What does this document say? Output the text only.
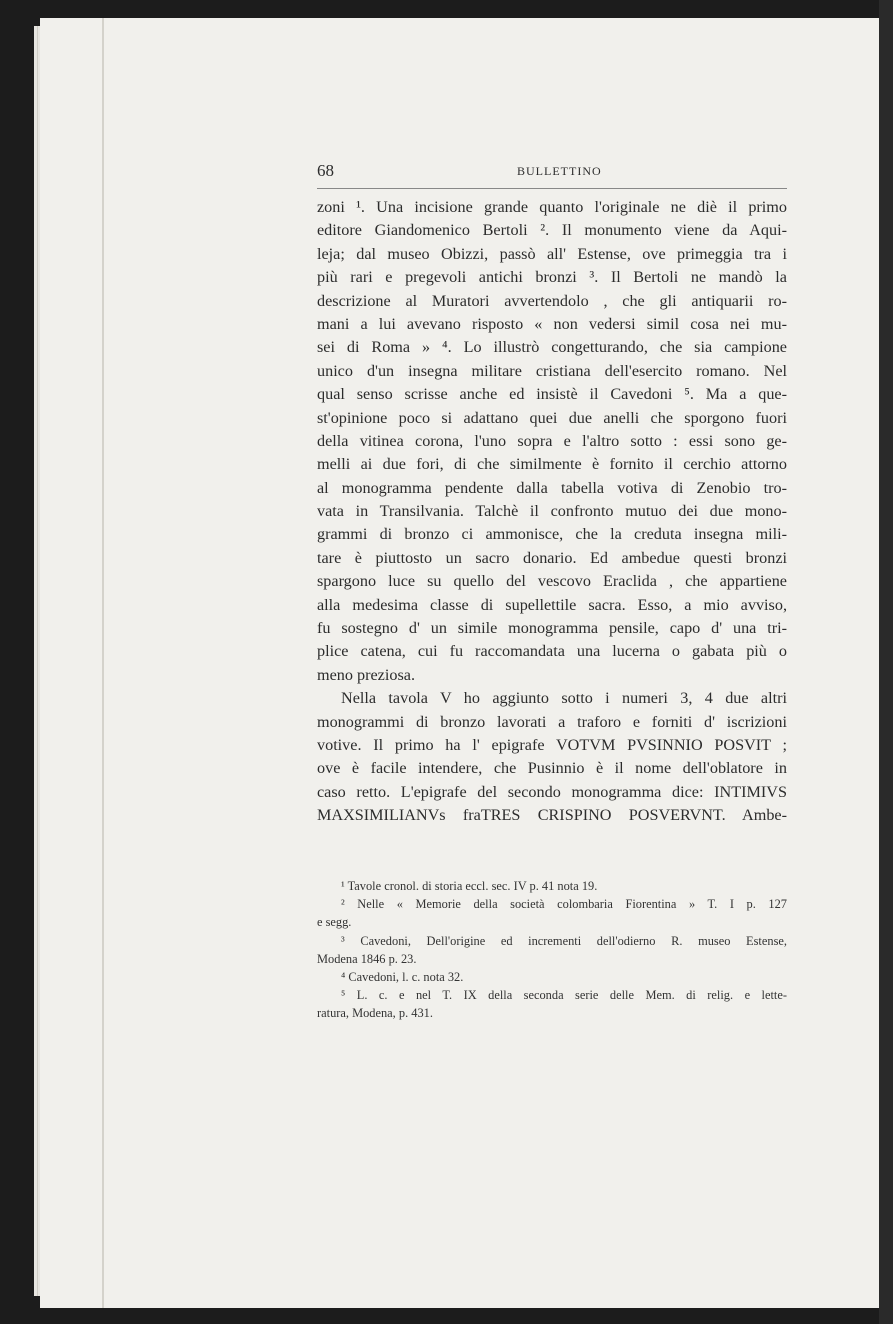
68	BULLETTINO
zoni ¹. Una incisione grande quanto l'originale ne diè il primo
editore Giandomenico Bertoli ². Il monumento viene da Aqui-
leja; dal museo Obizzi, passò all' Estense, ove primeggia tra i
più rari e pregevoli antichi bronzi ³. Il Bertoli ne mandò la
descrizione al Muratori avvertendolo , che gli antiquarii ro-
mani a lui avevano risposto « non vedersi simil cosa nei mu-
sei di Roma » ⁴. Lo illustrò congetturando, che sia campione
unico d'un insegna militare cristiana dell'esercito romano. Nel
qual senso scrisse anche ed insistè il Cavedoni ⁵. Ma a que-
st'opinione poco si adattano quei due anelli che sporgono fuori
della vitinea corona, l'uno sopra e l'altro sotto : essi sono ge-
melli ai due fori, di che similmente è fornito il cerchio attorno
al monogramma pendente dalla tabella votiva di Zenobio tro-
vata in Transilvania. Talchè il confronto mutuo dei due mono-
grammi di bronzo ci ammonisce, che la creduta insegna mili-
tare è piuttosto un sacro donario. Ed ambedue questi bronzi
spargono luce su quello del vescovo Eraclida , che appartiene
alla medesima classe di supellettile sacra. Esso, a mio avviso,
fu sostegno d' un simile monogramma pensile, capo d' una tri-
plice catena, cui fu raccomandata una lucerna o gabata più o
meno preziosa.
Nella tavola V ho aggiunto sotto i numeri 3, 4 due altri
monogrammi di bronzo lavorati a traforo e forniti d' iscrizioni
votive. Il primo ha l' epigrafe VOTVM PVSINNIO POSVIT ;
ove è facile intendere, che Pusinnio è il nome dell'oblatore in
caso retto. L'epigrafe del secondo monogramma dice: INTIMIVS
MAXSIMILIANVs fraTRES CRISPINO POSVERVNT. Ambe-
¹ Tavole cronol. di storia eccl. sec. IV p. 41 nota 19.
² Nelle « Memorie della società colombaria Fiorentina » T. I p. 127
e segg.
³ Cavedoni, Dell'origine ed incrementi dell'odierno R. museo Estense,
Modena 1846 p. 23.
⁴ Cavedoni, l. c. nota 32.
⁵ L. c. e nel T. IX della seconda serie delle Mem. di relig. e lette-
ratura, Modena, p. 431.
